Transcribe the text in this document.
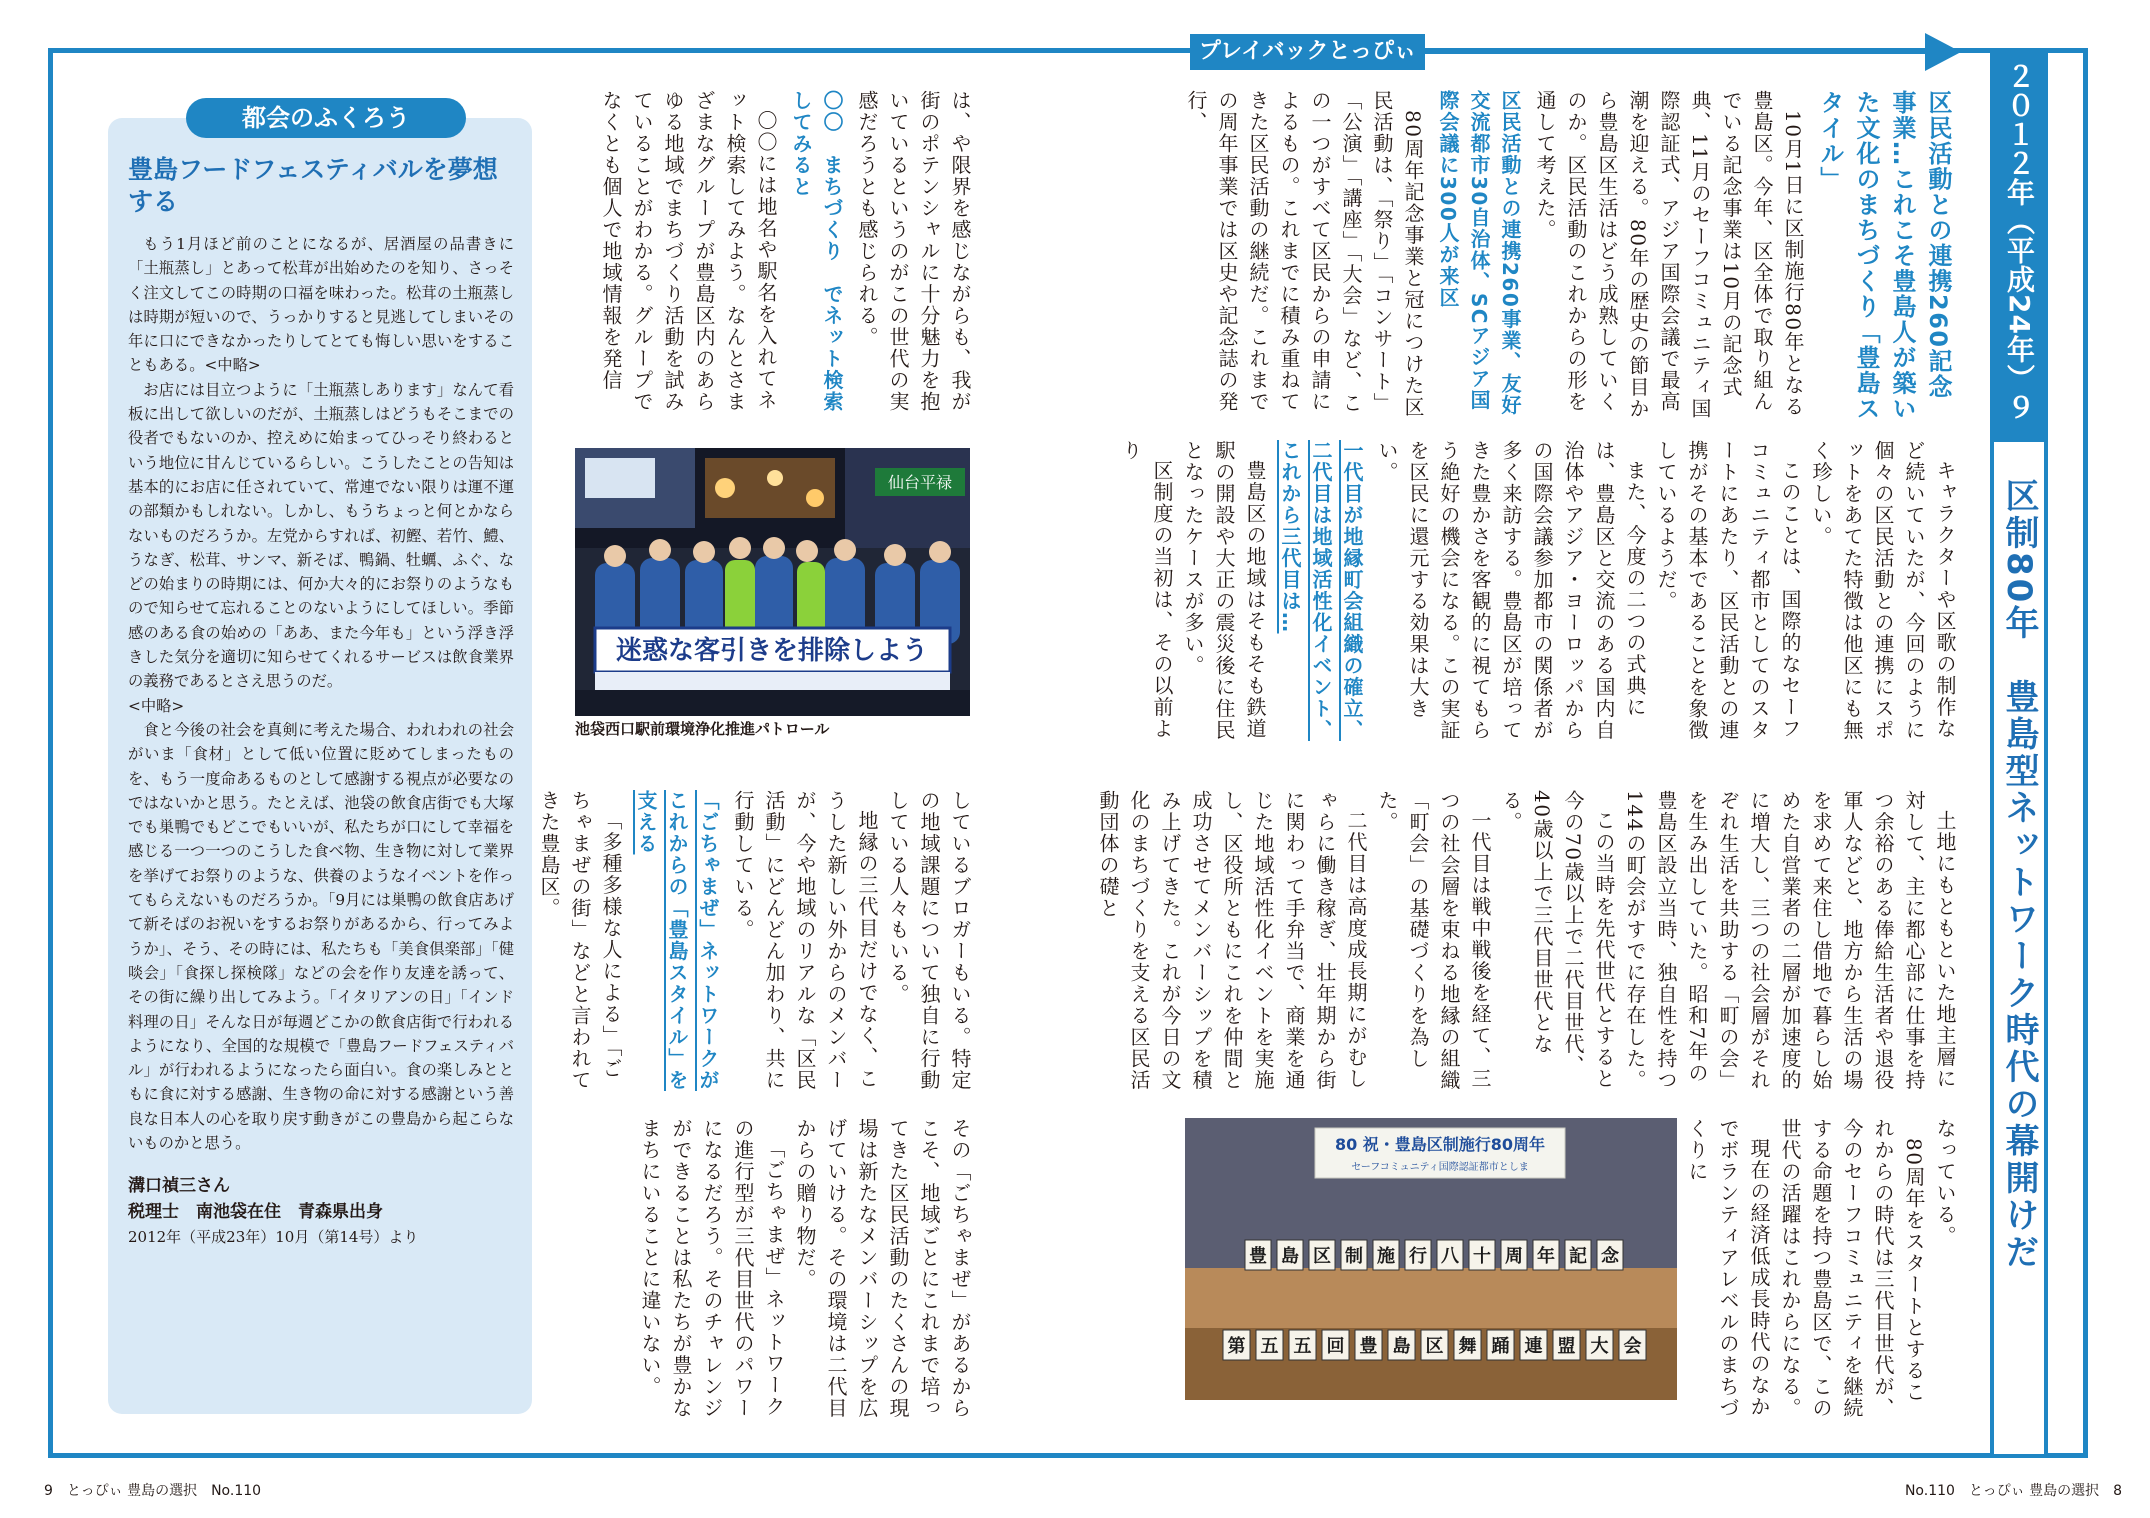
プレイバックとっぴぃ
２０１２年（平成24年）９月（第29号から）
区制80年　豊島型ネットワーク時代の幕開けだ
区民活動との連携260記念事業…これこそ豊島人が築いた文化のまちづくり「豊島スタイル」

10月1日に区制施行80年となる豊島区。今年、区全体で取り組んでいる記念事業は10月の記念式典、11月のセーフコミュニティ国際認証式、アジア国際会議で最高潮を迎える。80年の歴史の節目から豊島区生活はどう成熟していくのか。区民活動のこれからの形を通して考えた。

区民活動との連携260事業、友好交流都市30自治体、SCアジア国際会議に300人が来区

80周年記念事業と冠につけた区民活動は、「祭り」「コンサート」「公演」「講座」「大会」など、この一つがすべて区民からの申請によるもの。これまでに積み重ねてきた区民活動の継続だ。これまでの周年事業では区史や記念誌の発行、

キャラクターや区歌の制作など続いていたが、今回のように個々の区民活動との連携にスポットをあてた特徴は他区にも無く珍しい。

このことは、国際的なセーフコミュニティ都市としてのスタートにあたり、区民活動との連携がその基本であることを象徴しているようだ。

また、今度の二つの式典には、豊島区と交流のある国内自治体やアジア・ヨーロッパからの国際会議参加都市の関係者が多く来訪する。豊島区が培ってきた豊かさを客観的に視てもらう絶好の機会になる。この実証を区民に還元する効果は大きい。

一代目が地縁町会組織の確立、二代目は地域活性化イベント、これから三代目は…

豊島区の地域はそもそも鉄道駅の開設や大正の震災後に住民となったケースが多い。

区制度の当初は、その以前より

土地にもともといた地主層に対して、主に都心部に仕事を持つ余裕のある俸給生活者や退役軍人などと、地方から生活の場を求めて来住し借地で暮らし始めた自営業者の二層が加速度的に増大し、三つの社会層がそれぞれ生活を共助する「町の会」を生み出していた。昭和7年の豊島区設立当時、独自性を持つ144の町会がすでに存在した。

この当時を先代世代とすると今の70歳以上で二代目世代、40歳以上で三代目世代となる。

一代目は戦中戦後を経て、三つの社会層を束ねる地縁の組織「町会」の基礎づくりを為した。

二代目は高度成長期にがむしゃらに働き稼ぎ、壮年期から街に関わって手弁当で、商業を通じた地域活性化イベントを実施し、区役所ともにこれを仲間と成功させてメンバーシップを積み上げてきた。これが今日の文化のまちづくりを支える区民活動団体の礎と

なっている。

80周年をスタートとするこれからの時代は三代目世代が、今のセーフコミュニティを継続する命題を持つ豊島区で、この世代の活躍はこれからになる。

現在の経済低成長時代のなかでボランティアレベルのまちづくりに

は、や限界を感じながらも、我が街のポテンシャルに十分魅力を抱いているというのがこの世代の実感だろうとも感じられる。

〇〇　まちづくり　でネット検索してみると

〇〇には地名や駅名を入れてネット検索してみよう。なんとさまざまなグループが豊島区内のあらゆる地域でまちづくり活動を試みていることがわかる。グループでなくとも個人で地域情報を発信

しているブロガーもいる。特定の地域課題について独自に行動している人々もいる。

地縁の三代目だけでなく、こうした新しい外からのメンバーが、今や地域のリアルな「区民活動」にどんどん加わり、共に行動している。

「ごちゃまぜ」ネットワークがこれからの「豊島スタイル」を支える

「多種多様な人による」「ごちゃまぜの街」などと言われてきた豊島区。

その「ごちゃまぜ」があるからこそ、地域ごとにこれまで培ってきた区民活動のたくさんの現場は新たなメンバーシップを広げていける。その環境は二代目からの贈り物だ。

「ごちゃまぜ」ネットワークの進行型が三代目世代のパワーになるだろう。そのチャレンジができることは私たちが豊かなまちにいることに違いない。

仙台平禄
迷惑な客引きを排除しよう
池袋西口駅前環境浄化推進パトロール
80 祝・豊島区制施行80周年
セーフコミュニティ国際認証都市としま
豊 島 区 制 施 行 八 十 周 年 記 念
第 五 五 回 豊 島 区 舞 踊 連 盟 大 会
豊島フードフェスティバルを夢想する

もう1月ほど前のことになるが、居酒屋の品書きに「土瓶蒸し」とあって松茸が出始めたのを知り、さっそく注文してこの時期の口福を味わった。松茸の土瓶蒸しは時期が短いので、うっかりすると見逃してしまいその年に口にできなかったりしてとても悔しい思いをすることもある。<中略>

お店には目立つように「土瓶蒸しあります」なんて看板に出して欲しいのだが、土瓶蒸しはどうもそこまでの役者でもないのか、控えめに始まってひっそり終わるという地位に甘んじているらしい。こうしたことの告知は基本的にお店に任されていて、常連でない限りは運不運の部類かもしれない。しかし、もうちょっと何とかならないものだろうか。左党からすれば、初鰹、若竹、鱧、うなぎ、松茸、サンマ、新そば、鴨鍋、牡蠣、ふぐ、などの始まりの時期には、何か大々的にお祭りのようなもので知らせて忘れることのないようにしてほしい。季節感のある食の始めの「ああ、また今年も」という浮き浮きした気分を適切に知らせてくれるサービスは飲食業界の義務であるとさえ思うのだ。

<中略>

食と今後の社会を真剣に考えた場合、われわれの社会がいま「食材」として低い位置に貶めてしまったものを、もう一度命あるものとして感謝する視点が必要なのではないかと思う。たとえば、池袋の飲食店街でも大塚でも巣鴨でもどこでもいいが、私たちが口にして幸福を感じる一つ一つのこうした食べ物、生き物に対して業界を挙げてお祭りのような、供養のようなイベントを作ってもらえないものだろうか。「9月には巣鴨の飲食店あげて新そばのお祝いをするお祭りがあるから、行ってみようか」、そう、その時には、私たちも「美食倶楽部」「健啖会」「食探し探検隊」などの会を作り友達を誘って、その街に繰り出してみよう。「イタリアンの日」「インド料理の日」そんな日が毎週どこかの飲食店街で行われるようになり、全国的な規模で「豊島フードフェスティバル」が行われるようになったら面白い。食の楽しみとともに食に対する感謝、生き物の命に対する感謝という善良な日本人の心を取り戻す動きがこの豊島から起こらないものかと思う。

溝口禎三さん
税理士　南池袋在住　青森県出身
2012年（平成23年）10月（第14号）より
都会のふくろう
9　とっぴぃ 豊島の選択　No.110	No.110　とっぴぃ 豊島の選択　8
